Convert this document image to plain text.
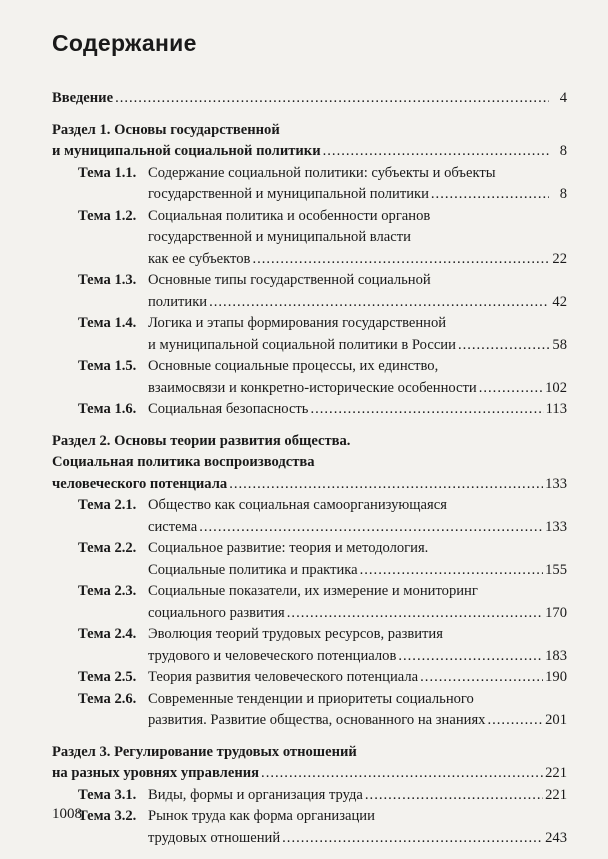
Содержание
Введение .....	4
Раздел 1. Основы государственной
и муниципальной социальной политики .....	8
Тема 1.1. Содержание социальной политики: субъекты и объекты
государственной и муниципальной политики .....	8
Тема 1.2. Социальная политика и особенности органов
государственной и муниципальной власти
как ее субъектов .....	22
Тема 1.3. Основные типы государственной социальной
политики .....	42
Тема 1.4. Логика и этапы формирования государственной
и муниципальной социальной политики в России .....	58
Тема 1.5. Основные социальные процессы, их единство,
взаимосвязи и конкретно-исторические особенности .....	102
Тема 1.6. Социальная безопасность .....	113
Раздел 2. Основы теории развития общества.
Социальная политика воспроизводства
человеческого потенциала .....	133
Тема 2.1. Общество как социальная самоорганизующаяся
система .....	133
Тема 2.2. Социальное развитие: теория и методология.
Социальные политика и практика .....	155
Тема 2.3. Социальные показатели, их измерение и мониторинг
социального развития .....	170
Тема 2.4. Эволюция теорий трудовых ресурсов, развития
трудового и человеческого потенциалов .....	183
Тема 2.5. Теория развития человеческого потенциала .....	190
Тема 2.6. Современные тенденции и приоритеты социального
развития. Развитие общества, основанного на знаниях .....	201
Раздел 3. Регулирование трудовых отношений
на разных уровнях управления .....	221
Тема 3.1. Виды, формы и организация труда .....	221
Тема 3.2. Рынок труда как форма организации
трудовых отношений .....	243
1008
